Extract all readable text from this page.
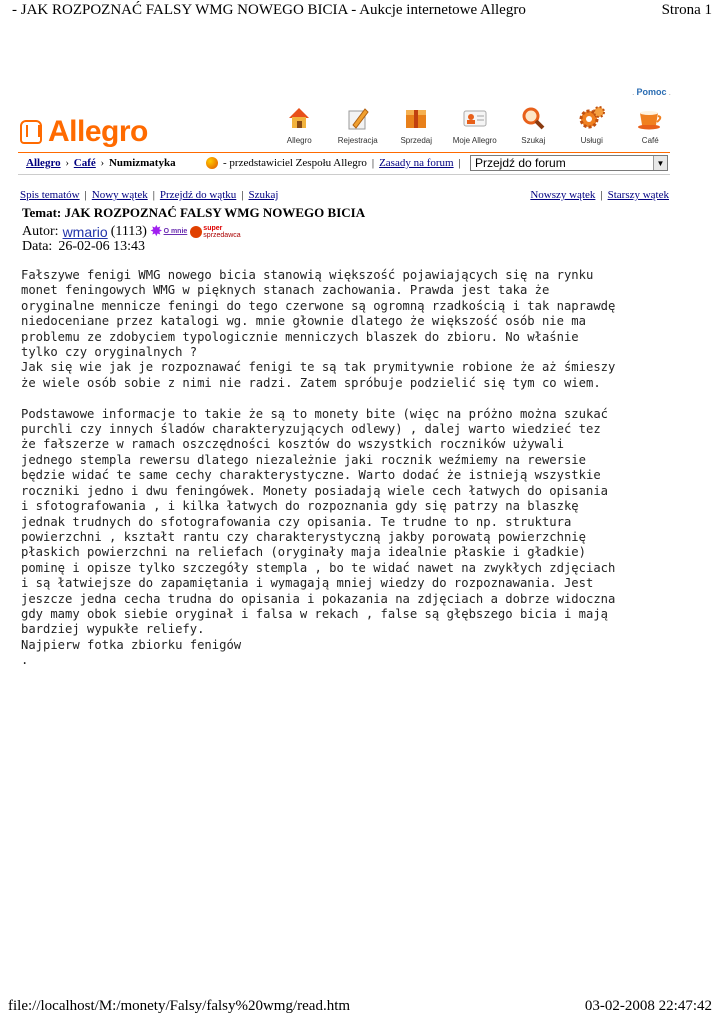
- JAK ROZPOZNAĆ FALSY WMG NOWEGO BICIA - Aukcje internetowe Allegro	Strona 1
. Pomoc .
Allegro	Allegro	Rejestracja	Sprzedaj	Moje Allegro	Szukaj	Usługi	Café
Allegro › Café › Numizmatyka	- przedstawiciel Zespołu Allegro | Zasady na forum |	Przejdź do forum	▼
Spis tematów | Nowy wątek | Przejdź do wątku | Szukaj	Nowszy wątek | Starszy wątek
Temat: JAK ROZPOZNAĆ FALSY WMG NOWEGO BICIA
Autor: wmario (1113) ✸ O mnie super
sprzedawca
Data: 26-02-06 13:43
Fałszywe fenigi WMG nowego bicia stanowią większość pojawiających się na rynku
monet feningowych WMG w pięknych stanach zachowania. Prawda jest taka że
oryginalne mennicze feningi do tego czerwone są ogromną rzadkością i tak naprawdę
niedoceniane przez katalogi wg. mnie głownie dlatego że większość osób nie ma
problemu ze zdobyciem typologicznie menniczych blaszek do zbioru. No właśnie
tylko czy oryginalnych ?
Jak się wie jak je rozpoznawać fenigi te są tak prymitywnie robione że aż śmieszy
że wiele osób sobie z nimi nie radzi. Zatem spróbuje podzielić się tym co wiem.

Podstawowe informacje to takie że są to monety bite (więc na próżno można szukać
purchli czy innych śladów charakteryzujących odlewy) , dalej warto wiedzieć tez
że fałszerze w ramach oszczędności kosztów do wszystkich roczników używali
jednego stempla rewersu dlatego niezależnie jaki rocznik weźmiemy na rewersie
będzie widać te same cechy charakterystyczne. Warto dodać że istnieją wszystkie
roczniki jedno i dwu feningówek. Monety posiadają wiele cech łatwych do opisania
i sfotografowania , i kilka łatwych do rozpoznania gdy się patrzy na blaszkę
jednak trudnych do sfotografowania czy opisania. Te trudne to np. struktura
powierzchni , kształt rantu czy charakterystyczną jakby porowatą powierzchnię
płaskich powierzchni na reliefach (oryginały maja idealnie płaskie i gładkie)
pominę i opisze tylko szczegóły stempla , bo te widać nawet na zwykłych zdjęciach
i są łatwiejsze do zapamiętania i wymagają mniej wiedzy do rozpoznawania. Jest
jeszcze jedna cecha trudna do opisania i pokazania na zdjęciach a dobrze widoczna
gdy mamy obok siebie oryginał i falsa w rekach , false są głębszego bicia i mają
bardziej wypukłe reliefy.
Najpierw fotka zbiorku fenigów
.
file://localhost/M:/monety/Falsy/falsy%20wmg/read.htm	03-02-2008 22:47:42
